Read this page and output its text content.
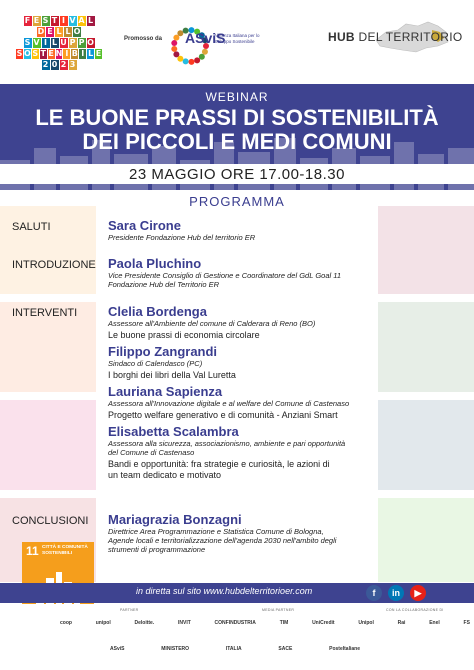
F E S T I V A L
D E L L O
S V I L U P P O
S O S T E N I B I L E
2 0 2 3
Promosso da ASviS
Alleanza Italiana per lo Sviluppo Sostenibile	HUB DEL TERRITORIO
WEBINAR
LE BUONE PRASSI DI SOSTENIBILITÀ
DEI PICCOLI E MEDI COMUNI
23 MAGGIO ORE 17.00-18.30
PROGRAMMA
SALUTI	Sara Cirone
Presidente Fondazione Hub del territorio ER
INTRODUZIONE Paola Pluchino
Vice Presidente Consiglio di Gestione e Coordinatore del GdL Goal 11
Fondazione Hub del Territorio ER
INTERVENTI Clelia Bordenga
Assessore all'Ambiente del comune di Calderara di Reno (BO)
Le buone prassi di economia circolare
Filippo Zangrandi
Sindaco di Calendasco (PC)
I borghi dei libri della Val Luretta
Lauriana Sapienza
Assessora all'Innovazione digitale e al welfare del Comune di Castenaso
Progetto welfare generativo e di comunità - Anziani Smart
Elisabetta Scalambra
Assessora alla sicurezza, associazionismo, ambiente e pari opportunità
del Comune di Castenaso
Bandi e opportunità: fra strategie e curiosità, le azioni di
un team dedicato e motivato
CONCLUSIONI Mariagrazia Bonzagni
Direttrice Area Programmazione e Statistica Comune di Bologna,
Agende locali e territorializzazione dell'agenda 2030 nell'ambito degli
strumenti di programmazione
11 CITTÀ E COMUNITÀ SOSTENIBILI
in diretta sul sito www.hubdelterritorioer.com	f	in	▶
PARTNER	MEDIA PARTNER	CON LA COLLABORAZIONE DI
coop	unipol	Deloitte.	INVIT	CONFINDUSTRIA	TIM	UniCredit	Unipol	Rai	Enel	FS
ASviS	MINISTERO	ITALIA	SACE	PosteItaliane
